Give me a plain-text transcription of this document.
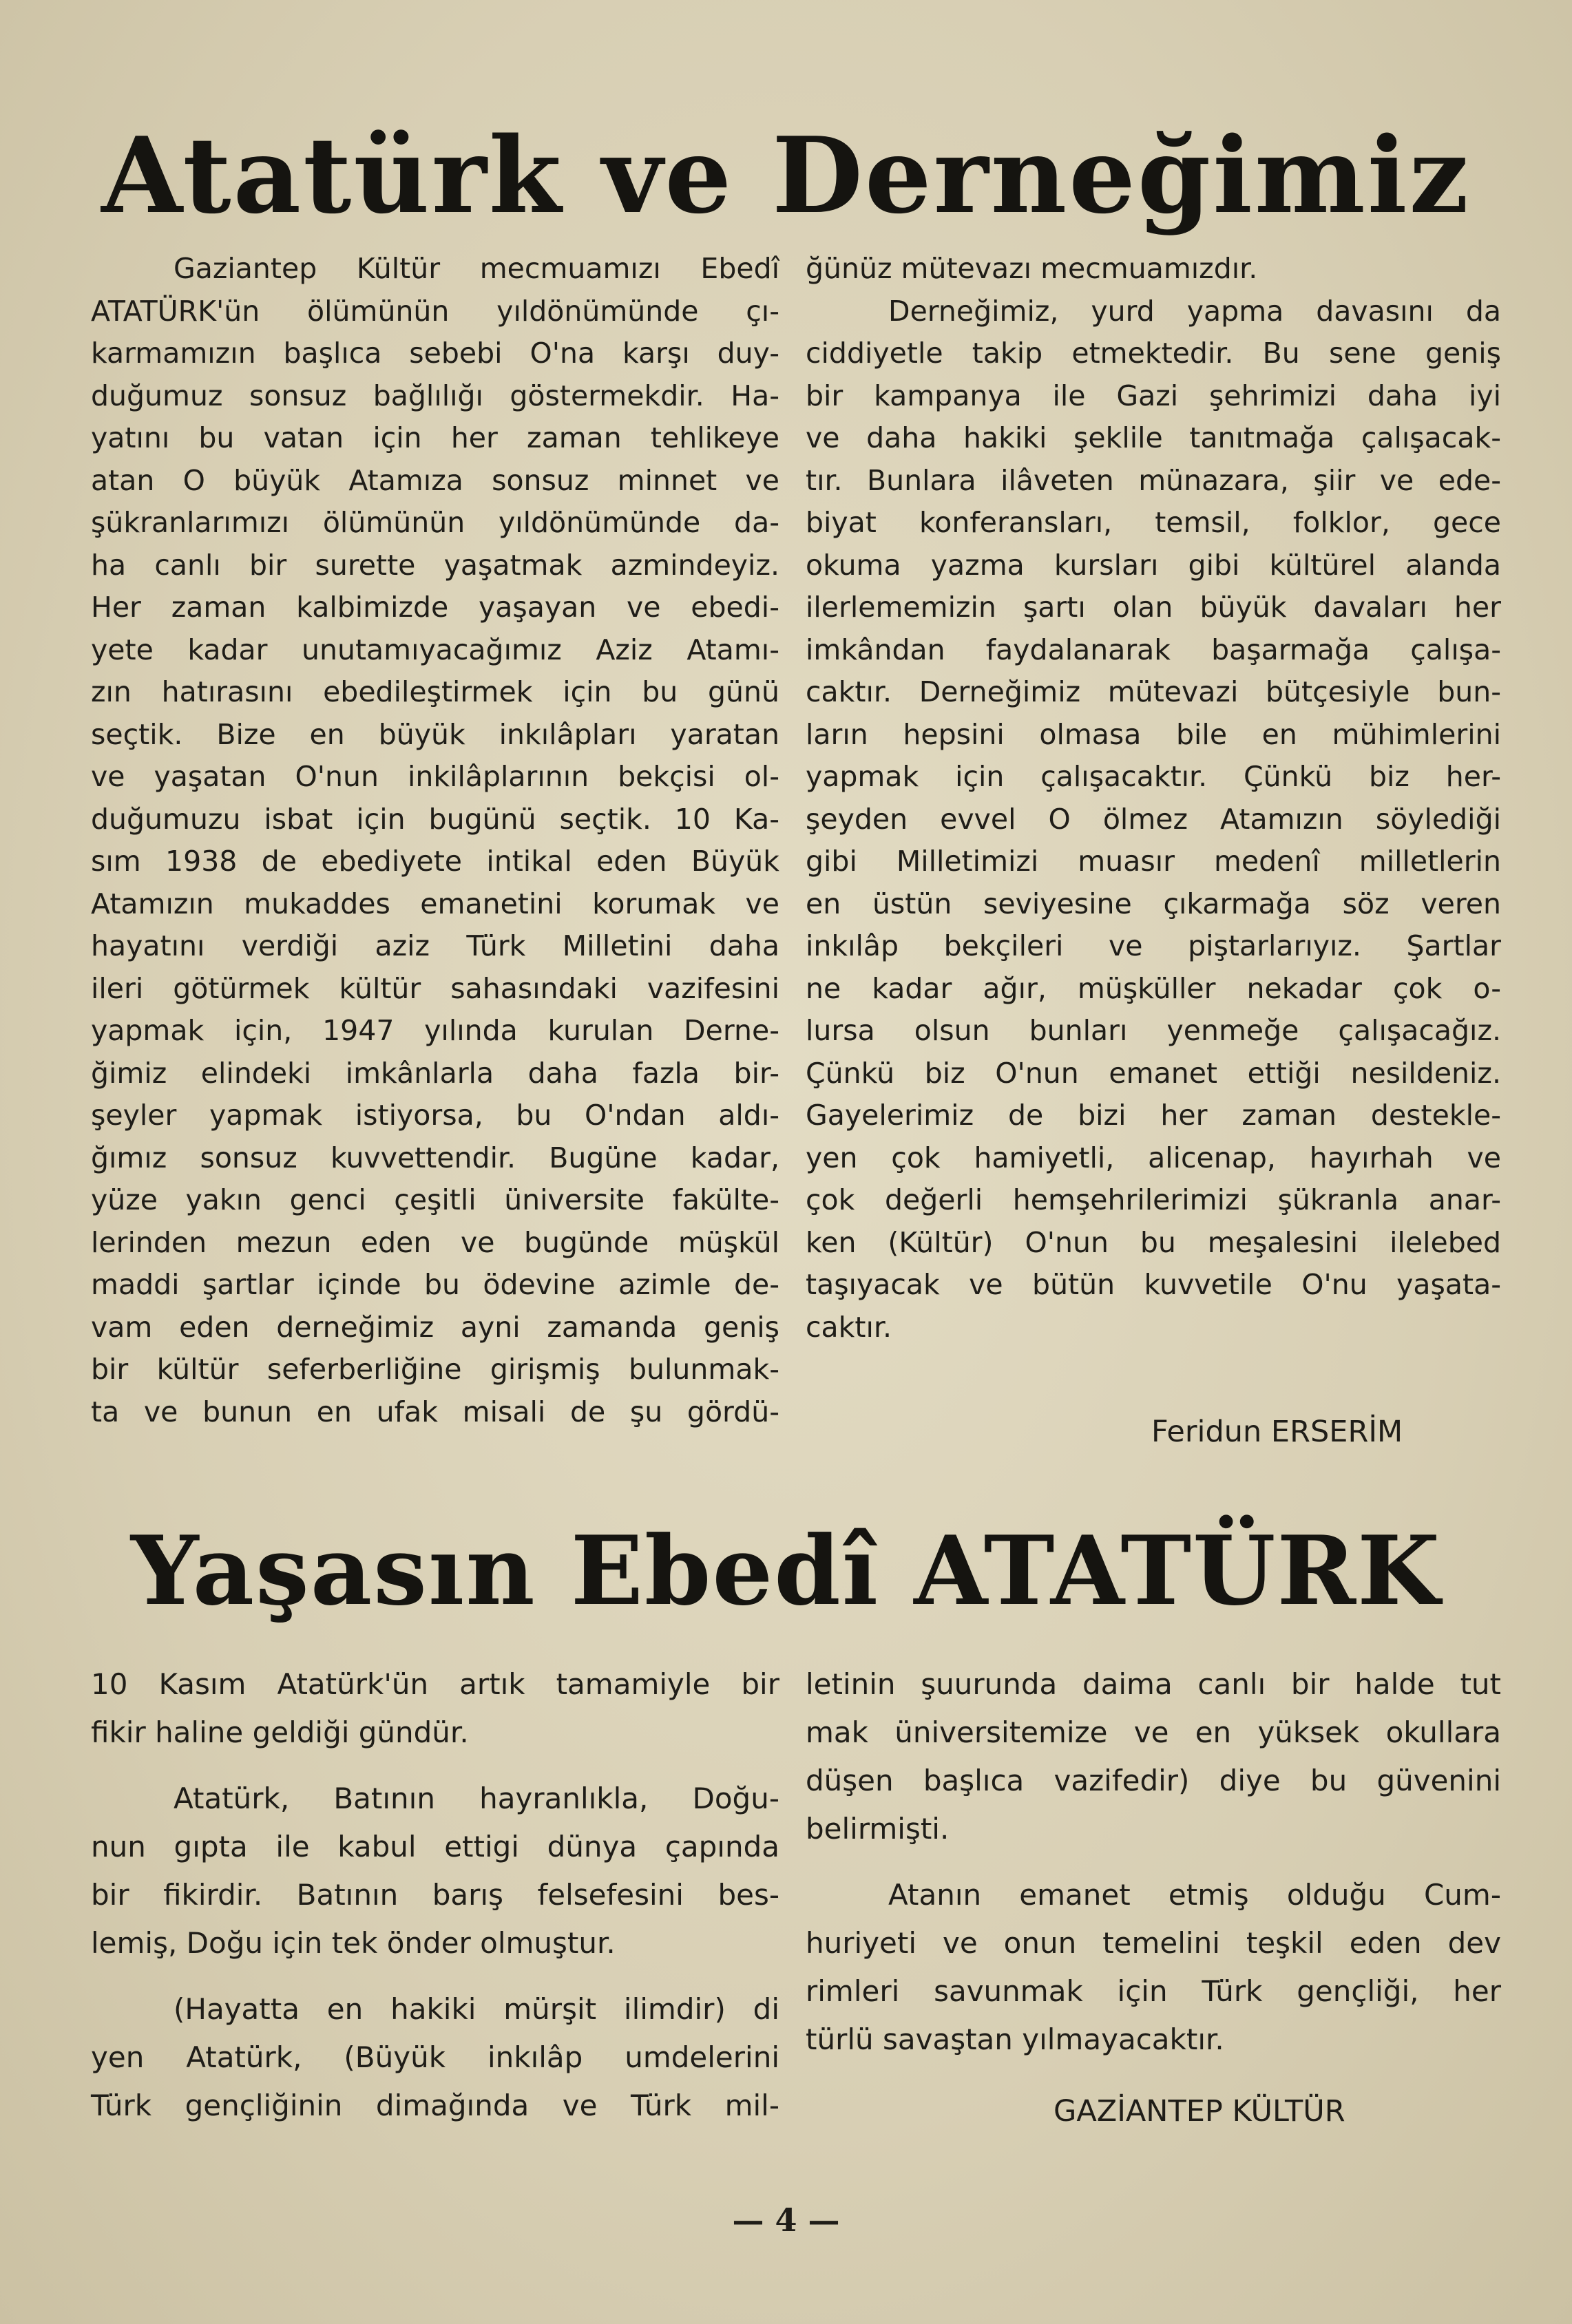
Atatürk ve Derneğimiz
Gaziantep Kültür mecmuamızı Ebedî
ATATÜRK'ün ölümünün yıldönümünde çı-
karmamızın başlıca sebebi O'na karşı duy-
duğumuz sonsuz bağlılığı göstermekdir. Ha-
yatını bu vatan için her zaman tehlikeye
atan O büyük Atamıza sonsuz minnet ve
şükranlarımızı ölümünün yıldönümünde da-
ha canlı bir surette yaşatmak azmindeyiz.
Her zaman kalbimizde yaşayan ve ebedi-
yete kadar unutamıyacağımız Aziz Atamı-
zın hatırasını ebedileştirmek için bu günü
seçtik. Bize en büyük inkılâpları yaratan
ve yaşatan O'nun inkilâplarının bekçisi ol-
duğumuzu isbat için bugünü seçtik. 10 Ka-
sım 1938 de ebediyete intikal eden Büyük
Atamızın mukaddes emanetini korumak ve
hayatını verdiği aziz Türk Milletini daha
ileri götürmek kültür sahasındaki vazifesini
yapmak için, 1947 yılında kurulan Derne-
ğimiz elindeki imkânlarla daha fazla bir-
şeyler yapmak istiyorsa, bu O'ndan aldı-
ğımız sonsuz kuvvettendir. Bugüne kadar,
yüze yakın genci çeşitli üniversite fakülte-
lerinden mezun eden ve bugünde müşkül
maddi şartlar içinde bu ödevine azimle de-
vam eden derneğimiz ayni zamanda geniş
bir kültür seferberliğine girişmiş bulunmak-
ta ve bunun en ufak misali de şu gördü-
ğünüz mütevazı mecmuamızdır.
Derneğimiz, yurd yapma davasını da
ciddiyetle takip etmektedir. Bu sene geniş
bir kampanya ile Gazi şehrimizi daha iyi
ve daha hakiki şeklile tanıtmağa çalışacak-
tır. Bunlara ilâveten münazara, şiir ve ede-
biyat konferansları, temsil, folklor, gece
okuma yazma kursları gibi kültürel alanda
ilerlememizin şartı olan büyük davaları her
imkândan faydalanarak başarmağa çalışa-
caktır. Derneğimiz mütevazi bütçesiyle bun-
ların hepsini olmasa bile en mühimlerini
yapmak için çalışacaktır. Çünkü biz her-
şeyden evvel O ölmez Atamızın söylediği
gibi Milletimizi muasır medenî milletlerin
en üstün seviyesine çıkarmağa söz veren
inkılâp bekçileri ve piştarlarıyız. Şartlar
ne kadar ağır, müşküller nekadar çok o-
lursa olsun bunları yenmeğe çalışacağız.
Çünkü biz O'nun emanet ettiği nesildeniz.
Gayelerimiz de bizi her zaman destekle-
yen çok hamiyetli, alicenap, hayırhah ve
çok değerli hemşehrilerimizi şükranla anar-
ken (Kültür) O'nun bu meşalesini ilelebed
taşıyacak ve bütün kuvvetile O'nu yaşata-
caktır.
Feridun ERSERİM
Yaşasın Ebedî ATATÜRK
10 Kasım Atatürk'ün artık tamamiyle bir
fikir haline geldiği gündür.
Atatürk, Batının hayranlıkla, Doğu-
nun gıpta ile kabul ettigi dünya çapında
bir fikirdir. Batının barış felsefesini bes-
lemiş, Doğu için tek önder olmuştur.
(Hayatta en hakiki mürşit ilimdir) di
yen Atatürk, (Büyük inkılâp umdelerini
Türk gençliğinin dimağında ve Türk mil-
letinin şuurunda daima canlı bir halde tut
mak üniversitemize ve en yüksek okullara
düşen başlıca vazifedir) diye bu güvenini
belirmişti.
Atanın emanet etmiş olduğu Cum-
huriyeti ve onun temelini teşkil eden dev
rimleri savunmak için Türk gençliği, her
türlü savaştan yılmayacaktır.
GAZİANTEP KÜLTÜR
— 4 —
